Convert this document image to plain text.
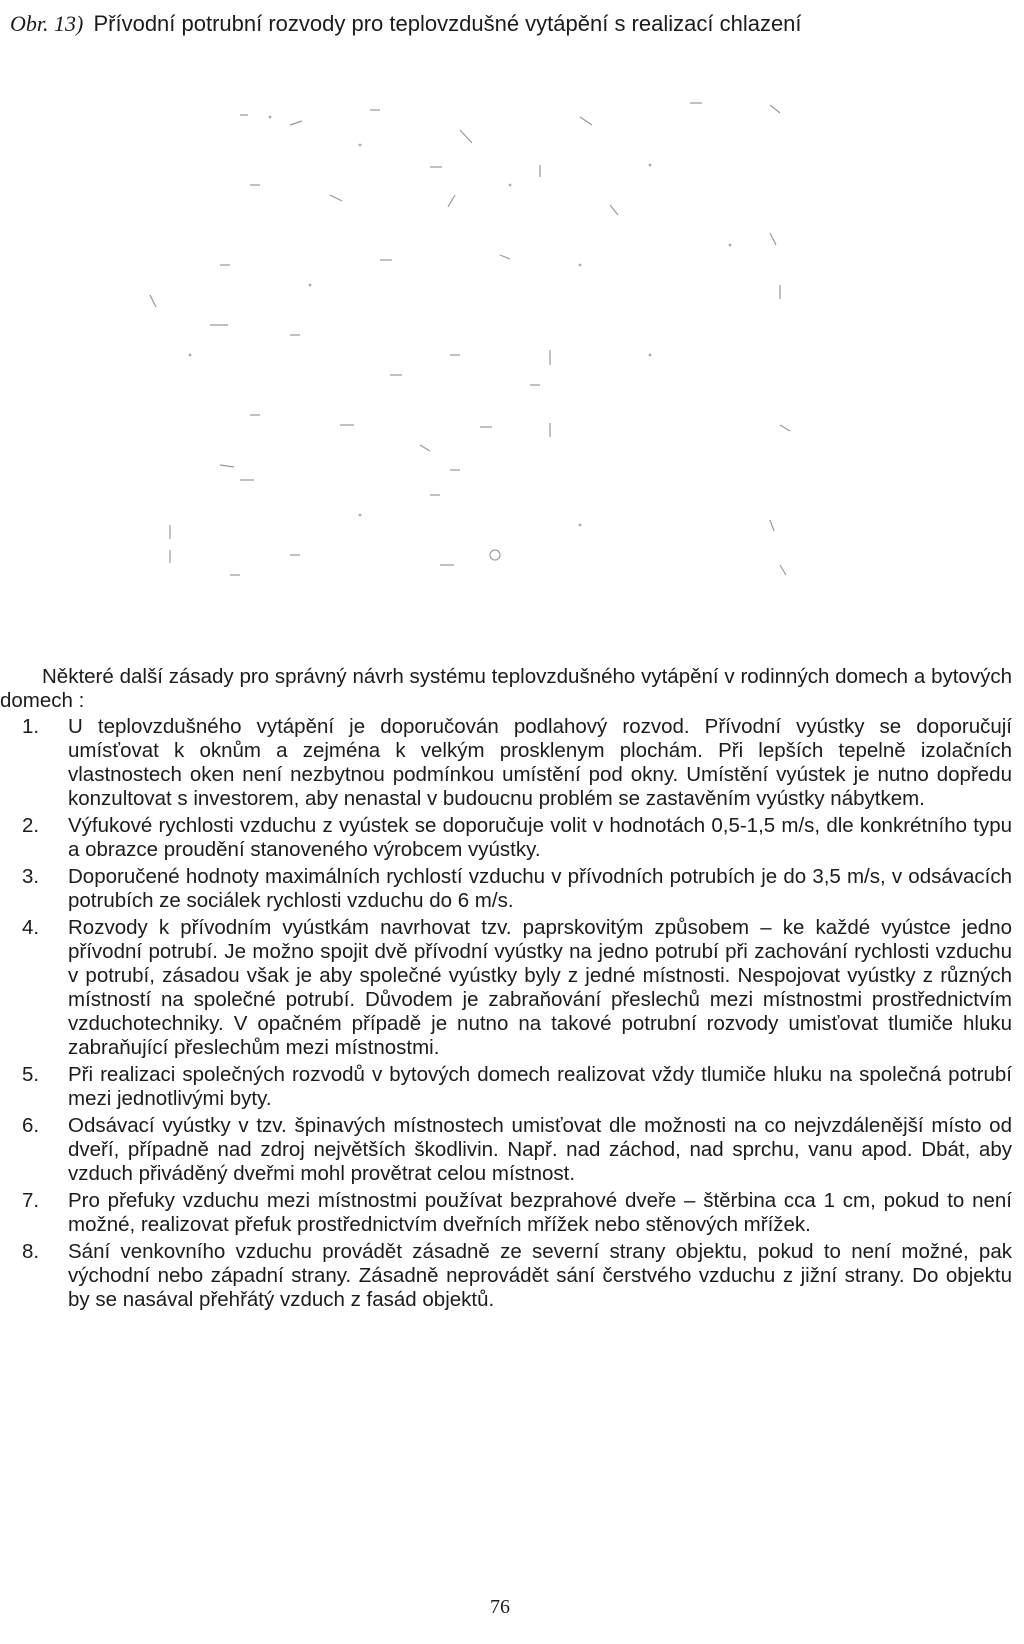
Obr. 13) Přívodní potrubní rozvody pro teplovzdušné vytápění s realizací chlazení

Některé další zásady pro správný návrh systému teplovzdušného vytápění v rodinných domech a bytových domech :

1. U teplovzdušného vytápění je doporučován podlahový rozvod. Přívodní vyústky se doporučují umísťovat k oknům a zejména k velkým prosklenym plochám. Při lepších tepelně izolačních vlastnostech oken není nezbytnou podmínkou umístění pod okny. Umístění vyústek je nutno dopředu konzultovat s investorem, aby nenastal v budoucnu problém se zastavěním vyústky nábytkem.
2. Výfukové rychlosti vzduchu z vyústek se doporučuje volit v hodnotách 0,5-1,5 m/s, dle konkrétního typu a obrazce proudění stanoveného výrobcem vyústky.
3. Doporučené hodnoty maximálních rychlostí vzduchu v přívodních potrubích je do 3,5 m/s, v odsávacích potrubích ze sociálek rychlosti vzduchu do 6 m/s.
4. Rozvody k přívodním vyústkám navrhovat tzv. paprskovitým způsobem – ke každé vyústce jedno přívodní potrubí. Je možno spojit dvě přívodní vyústky na jedno potrubí při zachování rychlosti vzduchu v potrubí, zásadou však je aby společné vyústky byly z jedné místnosti. Nespojovat vyústky z různých místností na společné potrubí. Důvodem je zabraňování přeslechů mezi místnostmi prostřednictvím vzduchotechniky. V opačném případě je nutno na takové potrubní rozvody umisťovat tlumiče hluku zabraňující přeslechům mezi místnostmi.
5. Při realizaci společných rozvodů v bytových domech realizovat vždy tlumiče hluku na společná potrubí mezi jednotlivými byty.
6. Odsávací vyústky v tzv. špinavých místnostech umisťovat dle možnosti na co nejvzdálenější místo od dveří, případně nad zdroj největších škodlivin. Např. nad záchod, nad sprchu, vanu apod. Dbát, aby vzduch přiváděný dveřmi mohl provětrat celou místnost.
7. Pro přefuky vzduchu mezi místnostmi používat bezprahové dveře – štěrbina cca 1 cm, pokud to není možné, realizovat přefuk prostřednictvím dveřních mřížek nebo stěnových mřížek.
8. Sání venkovního vzduchu provádět zásadně ze severní strany objektu, pokud to není možné, pak východní nebo západní strany. Zásadně neprovádět sání čerstvého vzduchu z jižní strany. Do objektu by se nasával přehřátý vzduch z fasád objektů.
76
